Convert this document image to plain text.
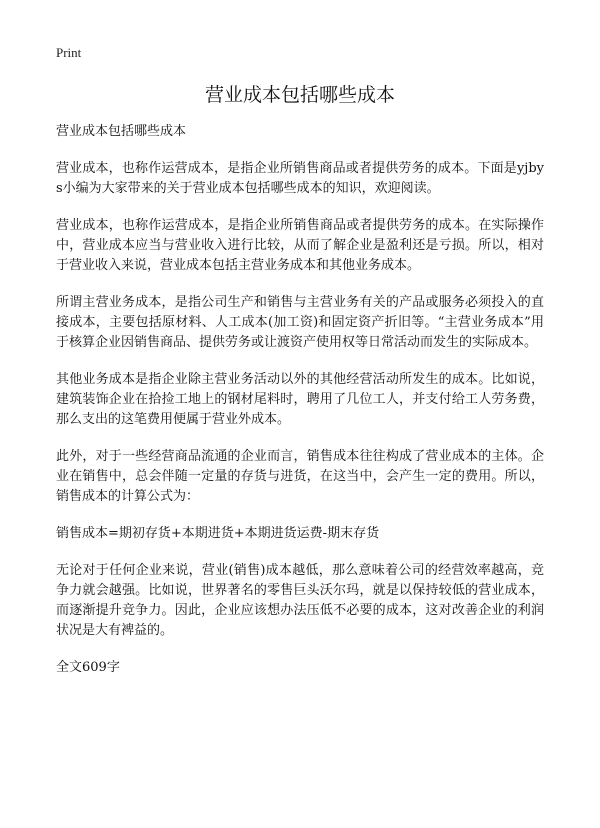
Print
营业成本包括哪些成本

营业成本包括哪些成本

营业成本，也称作运营成本，是指企业所销售商品或者提供劳务的成本。下面是yjbys小编为大家带来的关于营业成本包括哪些成本的知识，欢迎阅读。

营业成本，也称作运营成本，是指企业所销售商品或者提供劳务的成本。在实际操作中，营业成本应当与营业收入进行比较，从而了解企业是盈利还是亏损。所以，相对于营业收入来说，营业成本包括主营业务成本和其他业务成本。

所谓主营业务成本，是指公司生产和销售与主营业务有关的产品或服务必须投入的直接成本，主要包括原材料、人工成本(加工资)和固定资产折旧等。“主营业务成本”用于核算企业因销售商品、提供劳务或让渡资产使用权等日常活动而发生的实际成本。

其他业务成本是指企业除主营业务活动以外的其他经营活动所发生的成本。比如说，建筑装饰企业在拾捡工地上的钢材尾料时，聘用了几位工人，并支付给工人劳务费，那么支出的这笔费用便属于营业外成本。

此外，对于一些经营商品流通的企业而言，销售成本往往构成了营业成本的主体。企业在销售中，总会伴随一定量的存货与进货，在这当中，会产生一定的费用。所以，销售成本的计算公式为：

销售成本=期初存货+本期进货+本期进货运费-期末存货

无论对于任何企业来说，营业(销售)成本越低，那么意味着公司的经营效率越高，竞争力就会越强。比如说，世界著名的零售巨头沃尔玛，就是以保持较低的营业成本，而逐渐提升竞争力。因此，企业应该想办法压低不必要的成本，这对改善企业的利润状况是大有裨益的。

全文609字
